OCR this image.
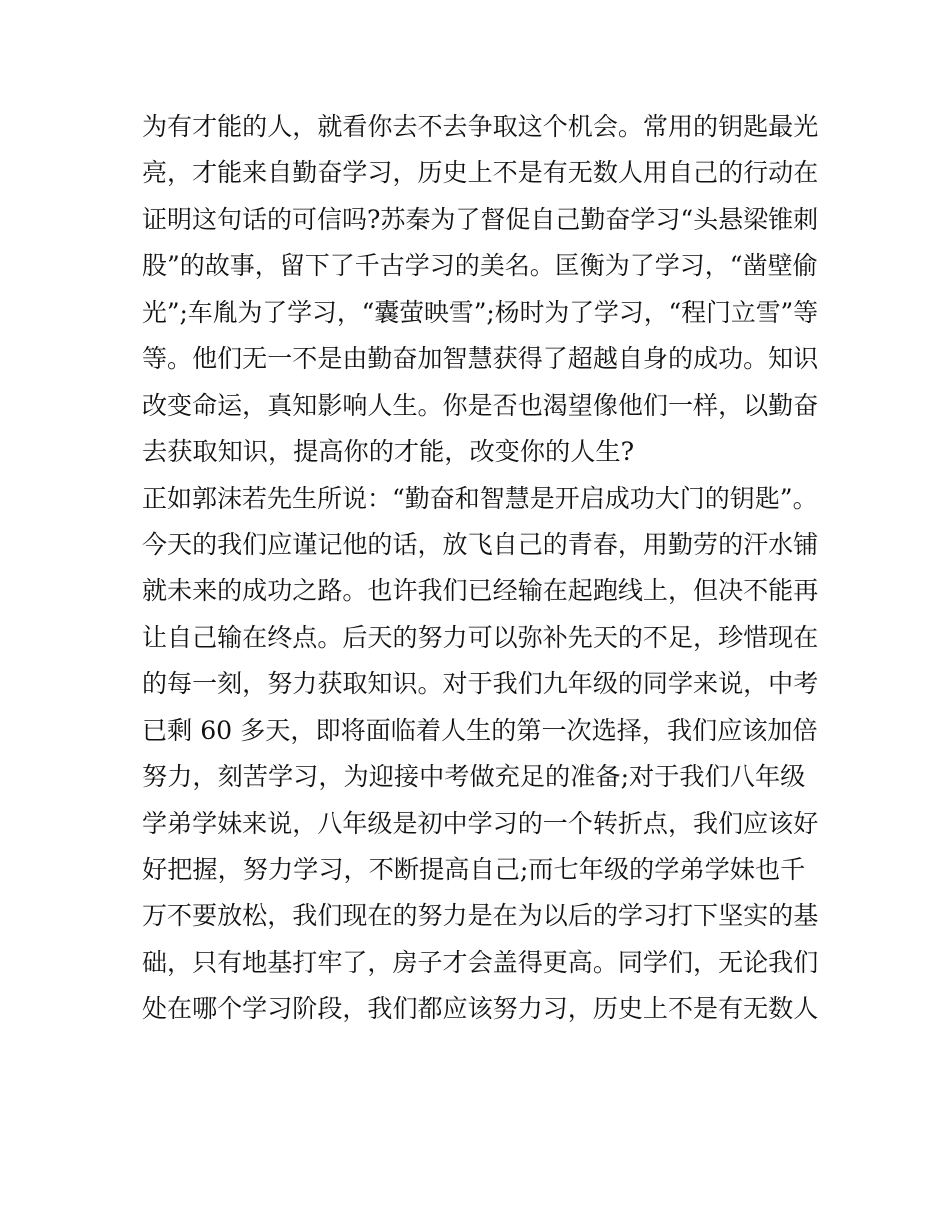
为有才能的人，就看你去不去争取这个机会。常用的钥匙最光
亮，才能来自勤奋学习，历史上不是有无数人用自己的行动在
证明这句话的可信吗?苏秦为了督促自己勤奋学习“头悬梁锥刺
股”的故事，留下了千古学习的美名。匡衡为了学习，“凿壁偷
光”;车胤为了学习，“囊萤映雪”;杨时为了学习，“程门立雪”等
等。他们无一不是由勤奋加智慧获得了超越自身的成功。知识
改变命运，真知影响人生。你是否也渴望像他们一样，以勤奋
去获取知识，提高你的才能，改变你的人生?
正如郭沫若先生所说：“勤奋和智慧是开启成功大门的钥匙”。
今天的我们应谨记他的话，放飞自己的青春，用勤劳的汗水铺
就未来的成功之路。也许我们已经输在起跑线上，但决不能再
让自己输在终点。后天的努力可以弥补先天的不足，珍惜现在
的每一刻，努力获取知识。对于我们九年级的同学来说，中考
已剩 60 多天，即将面临着人生的第一次选择，我们应该加倍
努力，刻苦学习，为迎接中考做充足的准备;对于我们八年级
学弟学妹来说，八年级是初中学习的一个转折点，我们应该好
好把握，努力学习，不断提高自己;而七年级的学弟学妹也千
万不要放松，我们现在的努力是在为以后的学习打下坚实的基
础，只有地基打牢了，房子才会盖得更高。同学们，无论我们
处在哪个学习阶段，我们都应该努力习，历史上不是有无数人
